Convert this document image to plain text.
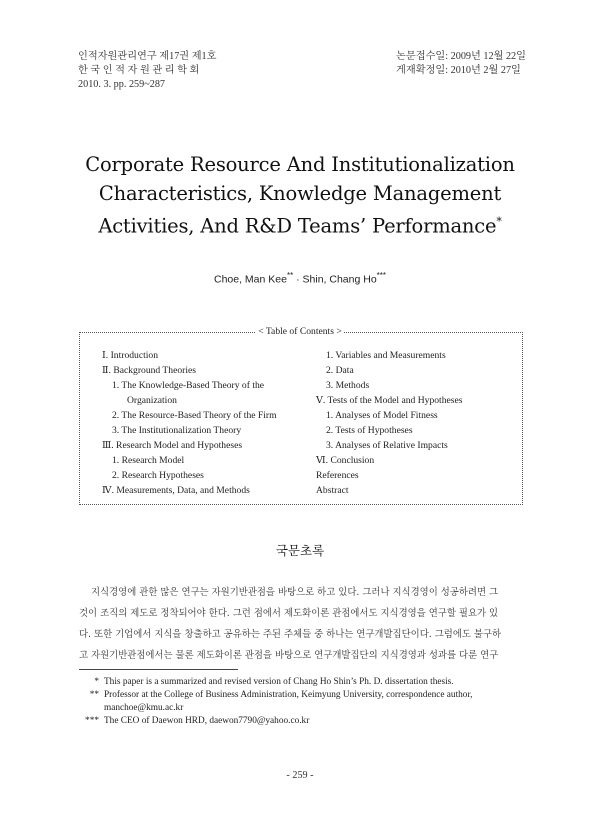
인적자원관리연구 제17권 제1호
한 국 인 적 자 원 관 리 학 회
2010. 3. pp. 259~287
논문접수일: 2009년 12월 22일
게재확정일: 2010년 2월 27일
Corporate Resource And Institutionalization
Characteristics, Knowledge Management
Activities, And R&D Teams’ Performance*
Choe, Man Kee** · Shin, Chang Ho***
< Table of Contents >
Ⅰ. Introduction
Ⅱ. Background Theories
1. The Knowledge-Based Theory of the
Organization
2. The Resource-Based Theory of the Firm
3. The Institutionalization Theory
Ⅲ. Research Model and Hypotheses
1. Research Model
2. Research Hypotheses
Ⅳ. Measurements, Data, and Methods
1. Variables and Measurements
2. Data
3. Methods
Ⅴ. Tests of the Model and Hypotheses
1. Analyses of Model Fitness
2. Tests of Hypotheses
3. Analyses of Relative Impacts
Ⅵ. Conclusion
References
Abstract
국문초록
지식경영에 관한 많은 연구는 자원기반관점을 바탕으로 하고 있다. 그러나 지식경영이 성공하려면 그
것이 조직의 제도로 정착되어야 한다. 그런 점에서 제도화이론 관점에서도 지식경영을 연구할 필요가 있
다. 또한 기업에서 지식을 창출하고 공유하는 주된 주체들 중 하나는 연구개발집단이다. 그럼에도 불구하
고 자원기반관점에서는 물론 제도화이론 관점을 바탕으로 연구개발집단의 지식경영과 성과를 다룬 연구
* This paper is a summarized and revised version of Chang Ho Shin’s Ph. D. dissertation thesis.
** Professor at the College of Business Administration, Keimyung University, correspondence author,
manchoe@kmu.ac.kr
*** The CEO of Daewon HRD, daewon7790@yahoo.co.kr
- 259 -
